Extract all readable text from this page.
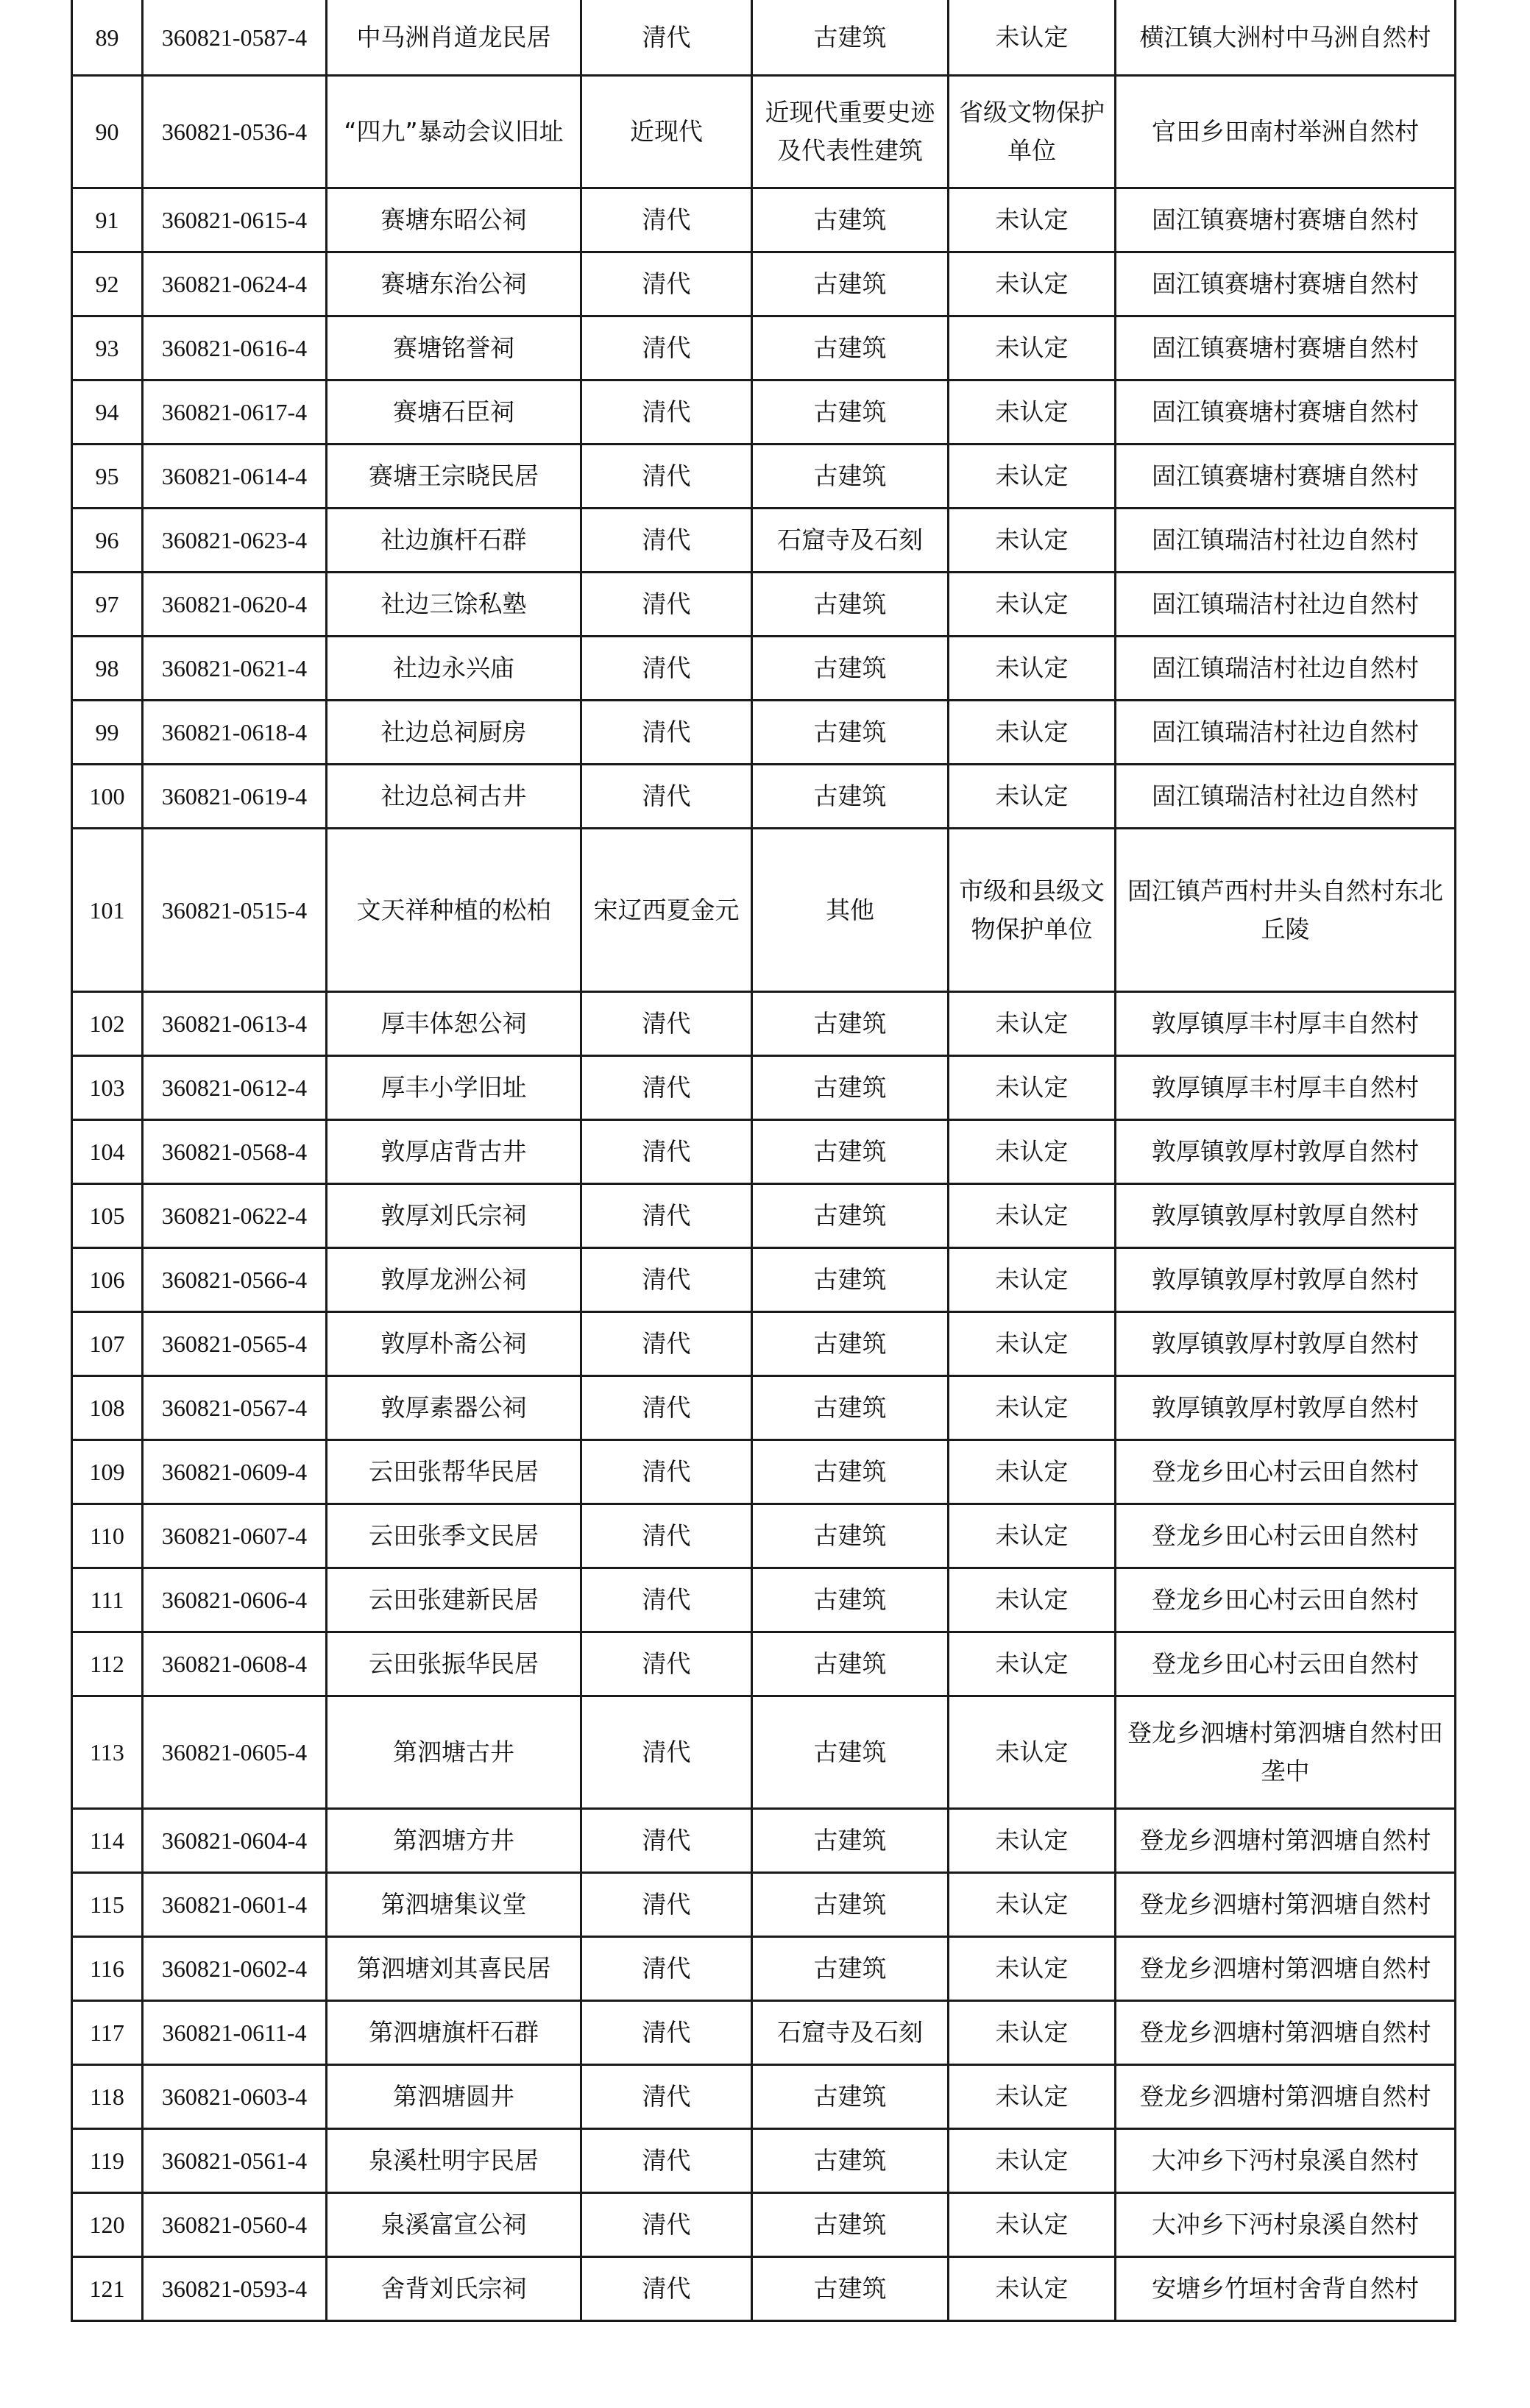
89	360821-0587-4	中马洲肖道龙民居	清代	古建筑	未认定	横江镇大洲村中马洲自然村
90	360821-0536-4	“四九”暴动会议旧址	近现代	近现代重要史迹及代表性建筑	省级文物保护单位	官田乡田南村举洲自然村
91	360821-0615-4	赛塘东昭公祠	清代	古建筑	未认定	固江镇赛塘村赛塘自然村
92	360821-0624-4	赛塘东治公祠	清代	古建筑	未认定	固江镇赛塘村赛塘自然村
93	360821-0616-4	赛塘铭誉祠	清代	古建筑	未认定	固江镇赛塘村赛塘自然村
94	360821-0617-4	赛塘石臣祠	清代	古建筑	未认定	固江镇赛塘村赛塘自然村
95	360821-0614-4	赛塘王宗晓民居	清代	古建筑	未认定	固江镇赛塘村赛塘自然村
96	360821-0623-4	社边旗杆石群	清代	石窟寺及石刻	未认定	固江镇瑞洁村社边自然村
97	360821-0620-4	社边三馀私塾	清代	古建筑	未认定	固江镇瑞洁村社边自然村
98	360821-0621-4	社边永兴庙	清代	古建筑	未认定	固江镇瑞洁村社边自然村
99	360821-0618-4	社边总祠厨房	清代	古建筑	未认定	固江镇瑞洁村社边自然村
100	360821-0619-4	社边总祠古井	清代	古建筑	未认定	固江镇瑞洁村社边自然村
101	360821-0515-4	文天祥种植的松柏	宋辽西夏金元	其他	市级和县级文物保护单位	固江镇芦西村井头自然村东北丘陵
102	360821-0613-4	厚丰体恕公祠	清代	古建筑	未认定	敦厚镇厚丰村厚丰自然村
103	360821-0612-4	厚丰小学旧址	清代	古建筑	未认定	敦厚镇厚丰村厚丰自然村
104	360821-0568-4	敦厚店背古井	清代	古建筑	未认定	敦厚镇敦厚村敦厚自然村
105	360821-0622-4	敦厚刘氏宗祠	清代	古建筑	未认定	敦厚镇敦厚村敦厚自然村
106	360821-0566-4	敦厚龙洲公祠	清代	古建筑	未认定	敦厚镇敦厚村敦厚自然村
107	360821-0565-4	敦厚朴斋公祠	清代	古建筑	未认定	敦厚镇敦厚村敦厚自然村
108	360821-0567-4	敦厚素器公祠	清代	古建筑	未认定	敦厚镇敦厚村敦厚自然村
109	360821-0609-4	云田张帮华民居	清代	古建筑	未认定	登龙乡田心村云田自然村
110	360821-0607-4	云田张季文民居	清代	古建筑	未认定	登龙乡田心村云田自然村
111	360821-0606-4	云田张建新民居	清代	古建筑	未认定	登龙乡田心村云田自然村
112	360821-0608-4	云田张振华民居	清代	古建筑	未认定	登龙乡田心村云田自然村
113	360821-0605-4	第泗塘古井	清代	古建筑	未认定	登龙乡泗塘村第泗塘自然村田垄中
114	360821-0604-4	第泗塘方井	清代	古建筑	未认定	登龙乡泗塘村第泗塘自然村
115	360821-0601-4	第泗塘集议堂	清代	古建筑	未认定	登龙乡泗塘村第泗塘自然村
116	360821-0602-4	第泗塘刘其喜民居	清代	古建筑	未认定	登龙乡泗塘村第泗塘自然村
117	360821-0611-4	第泗塘旗杆石群	清代	石窟寺及石刻	未认定	登龙乡泗塘村第泗塘自然村
118	360821-0603-4	第泗塘圆井	清代	古建筑	未认定	登龙乡泗塘村第泗塘自然村
119	360821-0561-4	泉溪杜明宇民居	清代	古建筑	未认定	大冲乡下沔村泉溪自然村
120	360821-0560-4	泉溪富宣公祠	清代	古建筑	未认定	大冲乡下沔村泉溪自然村
121	360821-0593-4	舍背刘氏宗祠	清代	古建筑	未认定	安塘乡竹垣村舍背自然村
